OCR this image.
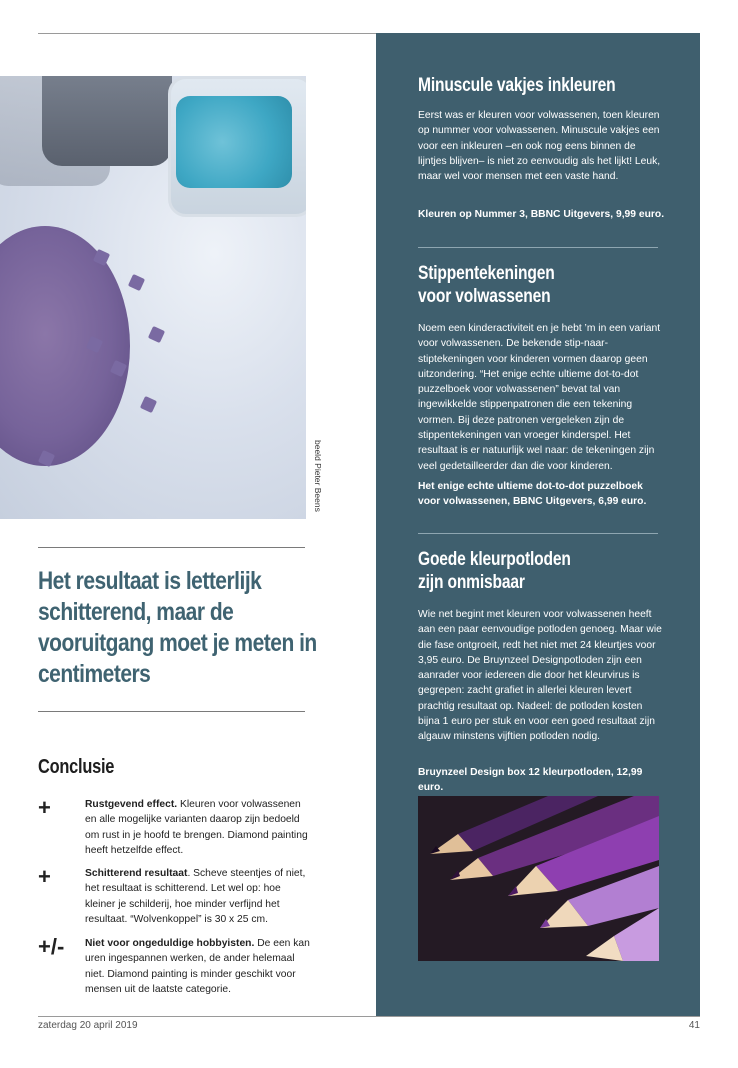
beeld Pieter Beens

Het resultaat is letterlijk schitterend, maar de vooruitgang moet je meten in centimeters

Conclusie
+	Rustgevend effect. Kleuren voor volwassenen en alle mogelijke varianten daarop zijn bedoeld om rust in je hoofd te brengen. Diamond painting heeft hetzelfde effect.
+	Schitterend resultaat. Scheve steentjes of niet, het resultaat is schitterend. Let wel op: hoe kleiner je schilderij, hoe minder verfijnd het resultaat. “Wolvenkoppel” is 30 x 25 cm.
+/- Niet voor ongeduldige hobbyisten. De een kan uren ingespannen werken, de ander helemaal niet. Diamond painting is minder geschikt voor mensen uit de laatste categorie.
Minuscule vakjes inkleuren

Eerst was er kleuren voor volwassenen, toen kleuren op nummer voor volwassenen. Minuscule vakjes een voor een inkleuren –en ook nog eens binnen de lijntjes blijven– is niet zo eenvoudig als het lijkt! Leuk, maar wel voor mensen met een vaste hand.

Kleuren op Nummer 3, BBNC Uitgevers, 9,99 euro.

Stippentekeningen voor volwassenen

Noem een kinderactiviteit en je hebt ’m in een variant voor volwassenen. De bekende stip-naar-stiptekeningen voor kinderen vormen daarop geen uitzondering. “Het enige echte ultieme dot-to-dot puzzelboek voor volwassenen” bevat tal van ingewikkelde stippenpatronen die een tekening vormen. Bij deze patronen vergeleken zijn de stippentekeningen van vroeger kinderspel. Het resultaat is er natuurlijk wel naar: de tekeningen zijn veel gedetailleerder dan die voor kinderen.

Het enige echte ultieme dot-to-dot puzzelboek voor volwassenen, BBNC Uitgevers, 6,99 euro.

Goede kleurpotloden zijn onmisbaar

Wie net begint met kleuren voor volwassenen heeft aan een paar eenvoudige potloden genoeg. Maar wie die fase ontgroeit, redt het niet met 24 kleurtjes voor 3,95 euro. De Bruynzeel Designpotloden zijn een aanrader voor iedereen die door het kleurvirus is gegrepen: zacht grafiet in allerlei kleuren levert prachtig resultaat op. Nadeel: de potloden kosten bijna 1 euro per stuk en voor een goed resultaat zijn algauw minstens vijftien potloden nodig.

Bruynzeel Design box 12 kleurpotloden, 12,99 euro.

zaterdag 20 april 2019	41
